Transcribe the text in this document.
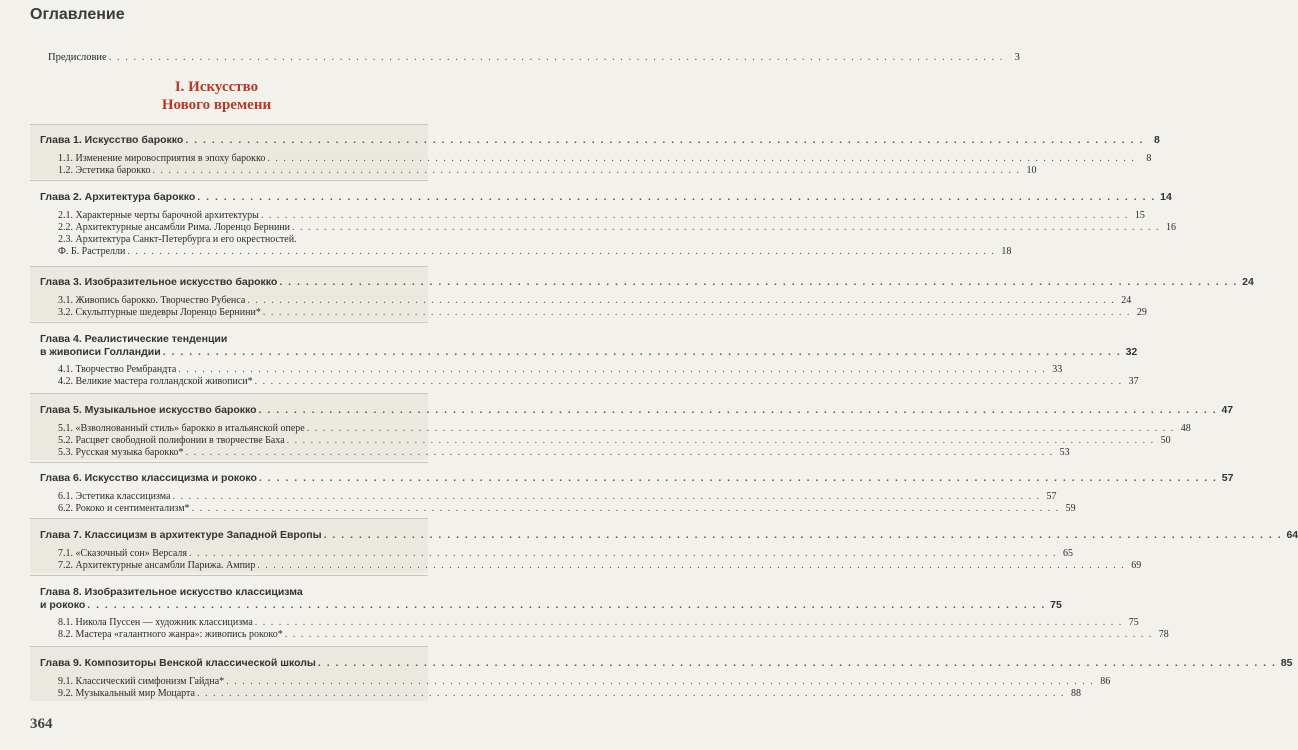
Оглавление
Предисловие . . .	3
I. Искусство
Нового времени
Глава 1. Искусство барокко . . .	8
1.1. Изменение мировосприятия в эпоху барокко . . .	8
1.2. Эстетика барокко . . .	10
Глава 2. Архитектура барокко . . .	14
2.1. Характерные черты барочной архитектуры . . .	15
2.2. Архитектурные ансамбли Рима. Лоренцо Бернини . . .	16
2.3. Архитектура Санкт-Петербурга и его окрестностей.
Ф. Б. Растрелли . . .	18
Глава 3. Изобразительное искусство барокко . . .	24
3.1. Живопись барокко. Творчество Рубенса . . .	24
3.2. Скульптурные шедевры Лоренцо Бернини* . . .	29
Глава 4. Реалистические тенденции
в живописи Голландии . . .	32
4.1. Творчество Рембрандта . . .	33
4.2. Великие мастера голландской живописи* . . .	37
Глава 5. Музыкальное искусство барокко . . .	47
5.1. «Взволнованный стиль» барокко в итальянской опере . . .	48
5.2. Расцвет свободной полифонии в творчестве Баха . . .	50
5.3. Русская музыка барокко* . . .	53
Глава 6. Искусство классицизма и рококо . . .	57
6.1. Эстетика классицизма . . .	57
6.2. Рококо и сентиментализм* . . .	59
Глава 7. Классицизм в архитектуре Западной Европы . . .	64
7.1. «Сказочный сон» Версаля . . .	65
7.2. Архитектурные ансамбли Парижа. Ампир . . .	69
Глава 8. Изобразительное искусство классицизма
и рококо . . .	75
8.1. Никола Пуссен — художник классицизма . . .	75
8.2. Мастера «галантного жанра»: живопись рококо* . . .	78
Глава 9. Композиторы Венской классической школы . . .	85
9.1. Классический симфонизм Гайдна* . . .	86
9.2. Музыкальный мир Моцарта . . .	88
364
